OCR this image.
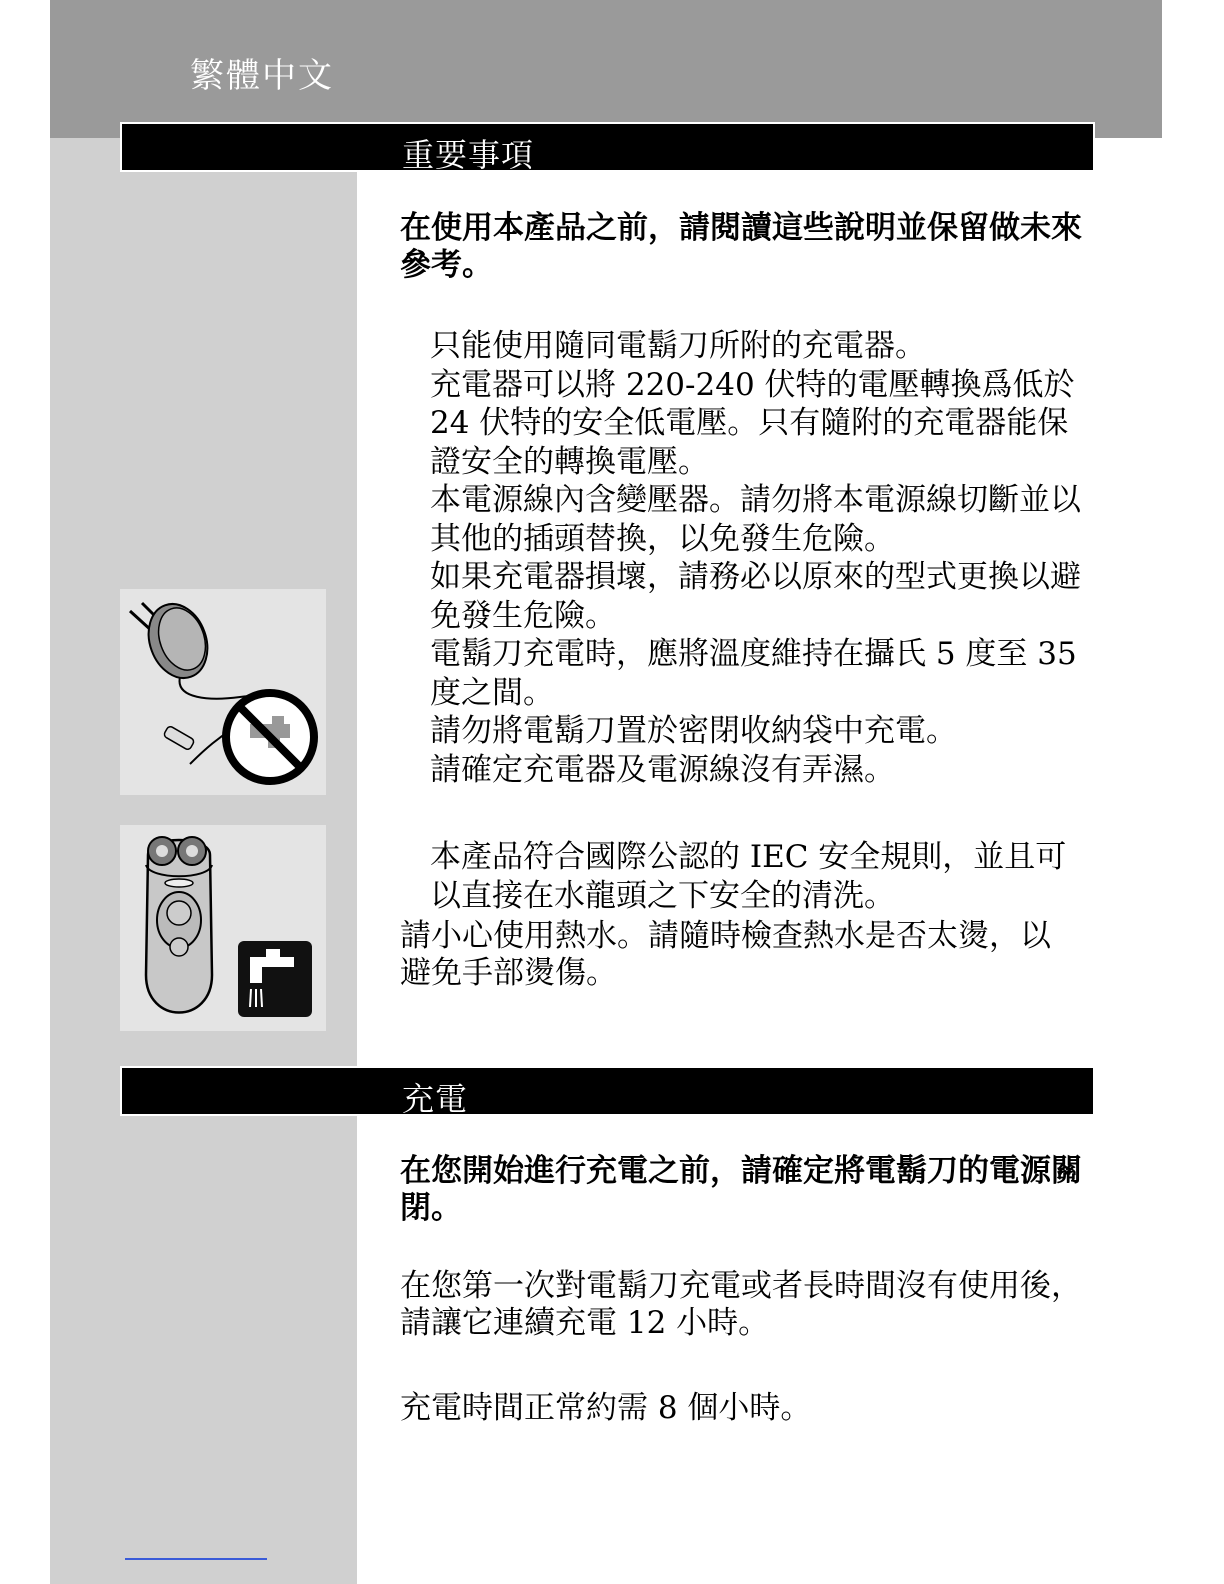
繁體中文
重要事項
在使用本產品之前，請閱讀這些說明並保留做未來參考。
只能使用隨同電鬍刀所附的充電器。
充電器可以將 220-240 伏特的電壓轉換爲低於 24 伏特的安全低電壓。只有隨附的充電器能保證安全的轉換電壓。
本電源線內含變壓器。請勿將本電源線切斷並以其他的插頭替換，以免發生危險。
如果充電器損壞，請務必以原來的型式更換以避免發生危險。
電鬍刀充電時，應將溫度維持在攝氏 5 度至 35 度之間。
請勿將電鬍刀置於密閉收納袋中充電。
請確定充電器及電源線沒有弄濕。
本產品符合國際公認的 IEC 安全規則，並且可以直接在水龍頭之下安全的清洗。
請小心使用熱水。請隨時檢查熱水是否太燙，以避免手部燙傷。
充電
在您開始進行充電之前，請確定將電鬍刀的電源關閉。
在您第一次對電鬍刀充電或者長時間沒有使用後，請讓它連續充電 12 小時。
充電時間正常約需 8 個小時。
